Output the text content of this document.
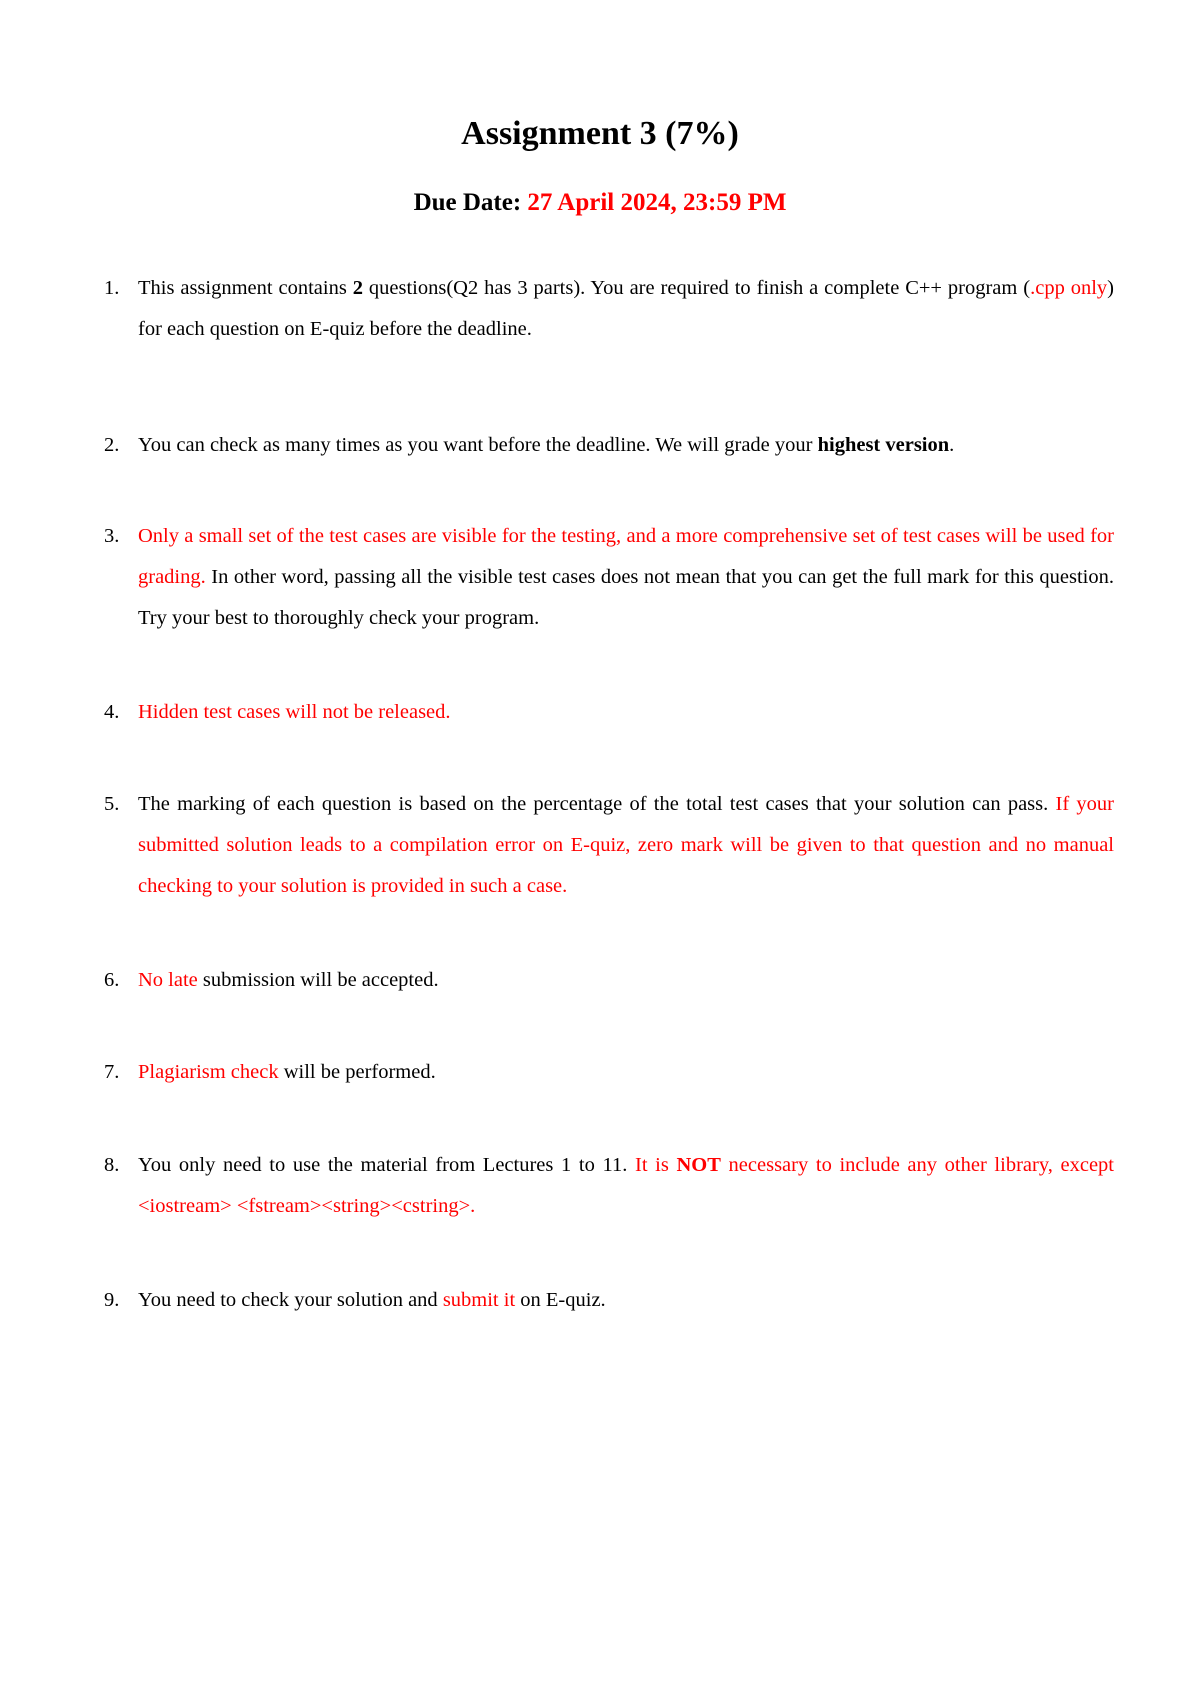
Assignment 3 (7%)

Due Date: 27 April 2024, 23:59 PM

1. This assignment contains 2 questions(Q2 has 3 parts). You are required to finish a complete C++ program (.cpp only) for each question on E-quiz before the deadline.
2. You can check as many times as you want before the deadline. We will grade your highest version.
3. Only a small set of the test cases are visible for the testing, and a more comprehensive set of test cases will be used for grading. In other word, passing all the visible test cases does not mean that you can get the full mark for this question. Try your best to thoroughly check your program.
4. Hidden test cases will not be released.
5. The marking of each question is based on the percentage of the total test cases that your solution can pass. If your submitted solution leads to a compilation error on E-quiz, zero mark will be given to that question and no manual checking to your solution is provided in such a case.
6. No late submission will be accepted.
7. Plagiarism check will be performed.
8. You only need to use the material from Lectures 1 to 11. It is NOT necessary to include any other library, except <iostream> <fstream><string><cstring>.
9. You need to check your solution and submit it on E-quiz.
